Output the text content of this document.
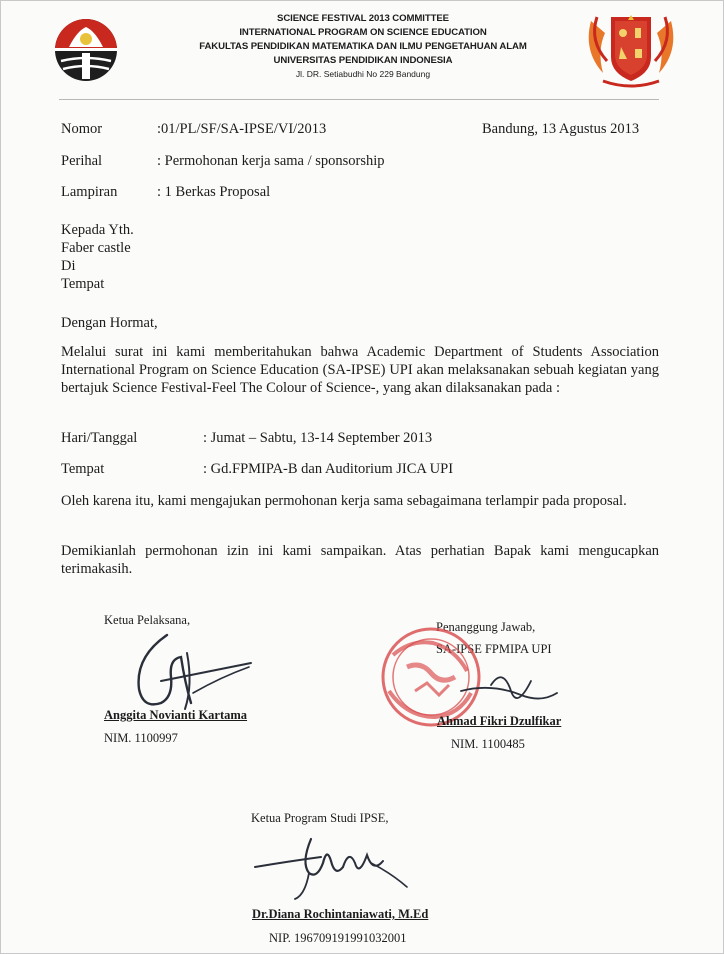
SCIENCE FESTIVAL 2013 COMMITTEE
INTERNATIONAL PROGRAM ON SCIENCE EDUCATION
FAKULTAS PENDIDIKAN MATEMATIKA DAN ILMU PENGETAHUAN ALAM
UNIVERSITAS PENDIDIKAN INDONESIA
Jl. DR. Setiabudhi No 229 Bandung
Nomor	:01/PL/SF/SA-IPSE/VI/2013	Bandung, 13 Agustus 2013
Perihal	: Permohonan kerja sama / sponsorship
Lampiran	: 1 Berkas Proposal
Kepada Yth.
Faber castle
Di
Tempat
Dengan Hormat,
Melalui surat ini kami memberitahukan bahwa Academic Department of Students Association International Program on Science Education (SA-IPSE) UPI akan melaksanakan sebuah kegiatan yang bertajuk Science Festival-Feel The Colour of Science-, yang akan dilaksanakan pada :
Hari/Tanggal	: Jumat – Sabtu, 13-14 September 2013
Tempat	: Gd.FPMIPA-B dan Auditorium JICA UPI
Oleh karena itu, kami mengajukan permohonan kerja sama sebagaimana terlampir pada proposal.
Demikianlah permohonan izin ini kami sampaikan. Atas perhatian Bapak kami mengucapkan terimakasih.
Ketua Pelaksana,
Anggita Novianti Kartama
NIM. 1100997
Penanggung Jawab,
SA-IPSE FPMIPA UPI
Ahmad Fikri Dzulfikar
NIM. 1100485
Ketua Program Studi IPSE,
Dr.Diana Rochintaniawati, M.Ed
NIP. 196709191991032001
